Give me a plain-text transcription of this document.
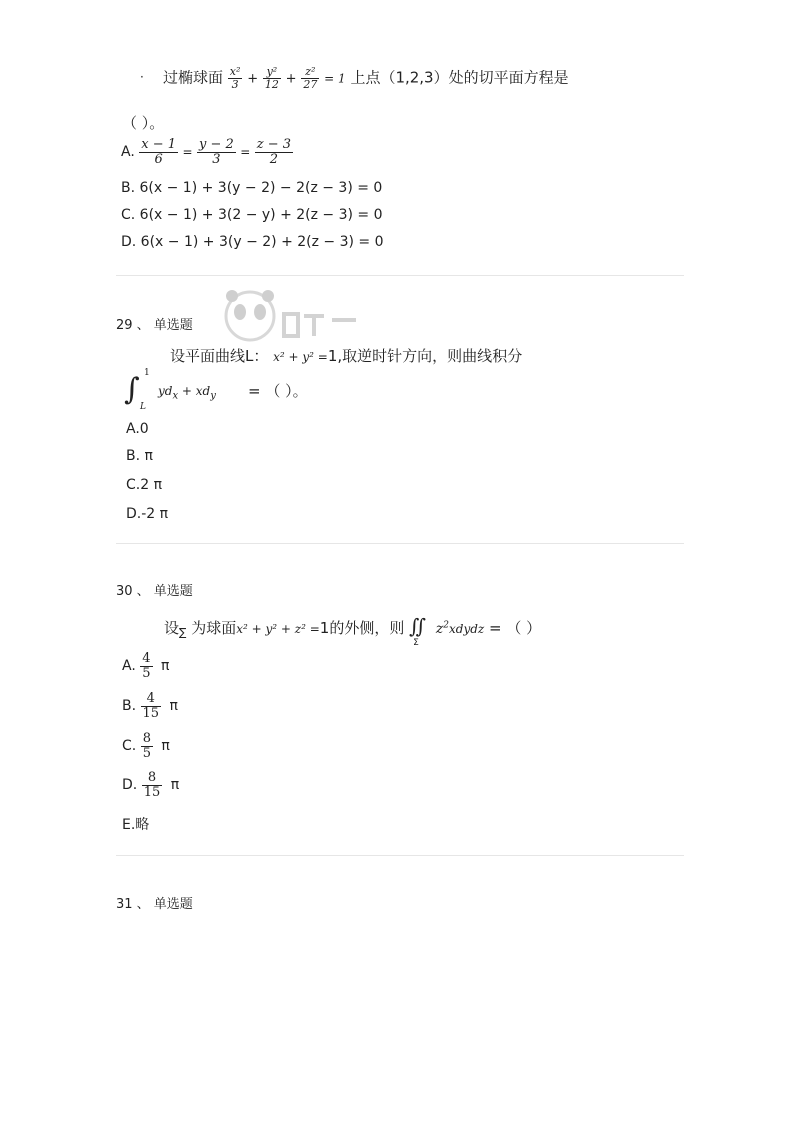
· 过椭球面 $\frac{\text{x²}}{3} + \frac{\text{y²}}{12} + \frac{\text{z²}}{27} = 1$ 上点（1,2,3）处的切平面方程是
（ ）。
A. $\frac{x - 1}{6} = \frac{y - 2}{3} = \frac{z - 3}{2}$
B. 6(x − 1) + 3(y − 2) − 2(z − 3) = 0
C. 6(x − 1) + 3(2 − y) + 2(z − 3) = 0
D. 6(x − 1) + 3(y − 2) + 2(z − 3) = 0
29 、 单选题
设平面曲线L： x² + y² =1,取逆时针方向，则曲线积分
∫ 1
L
$yd_x + xd_y$ = （ ）。
A.0
B. π
C.2 π
D.-2 π
30 、 单选题
设$_\sum$ 为球面x² + y² + z² =1的外侧，则 ∬
Σ
$z^2xdydz$ = （ ）
A. $\frac{4}{5}$ π
B. $\frac{4}{15}$ π
C. $\frac{8}{5}$ π
D. $\frac{8}{15}$ π
E.略
31 、 单选题
